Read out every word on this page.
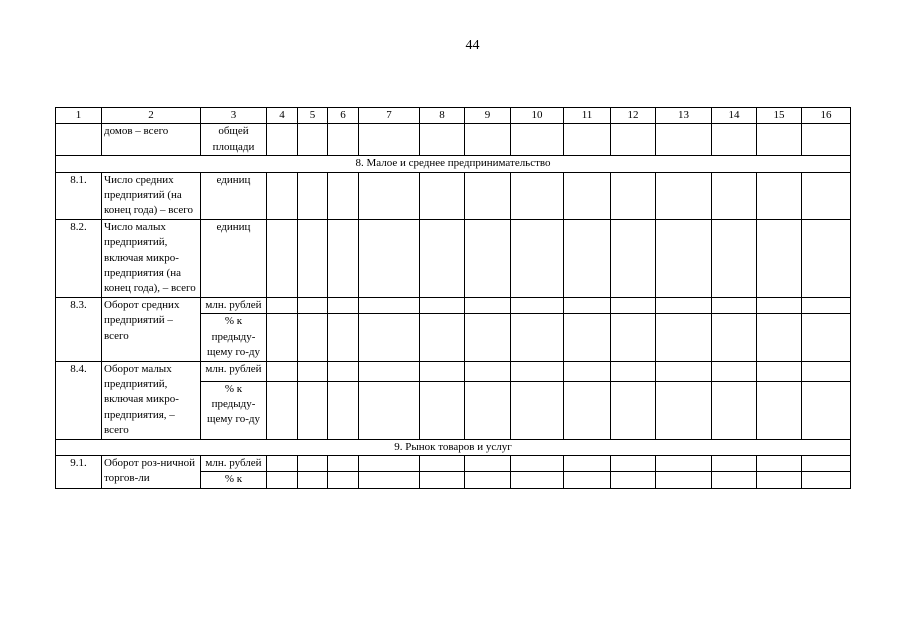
44
1	2	3	4	5	6	7	8	9	10	11	12	13	14	15	16
	домов – всего	общей площади													
8. Малое и среднее предпринимательство															
8.1.	Число средних предприятий (на конец года) – всего	единиц													
8.2.	Число малых предприятий, включая микро-предприятия (на конец года), – всего	единиц													
8.3.	Оборот средних предприятий – всего	млн. рублей													
		% к предыду-щему го-ду													
8.4.	Оборот малых предприятий, включая микро-предприятия, – всего	млн. рублей													
		% к предыду-щему го-ду													
9. Рынок товаров и услуг															
9.1.	Оборот роз-ничной торгов-ли	млн. рублей													
		% к													
